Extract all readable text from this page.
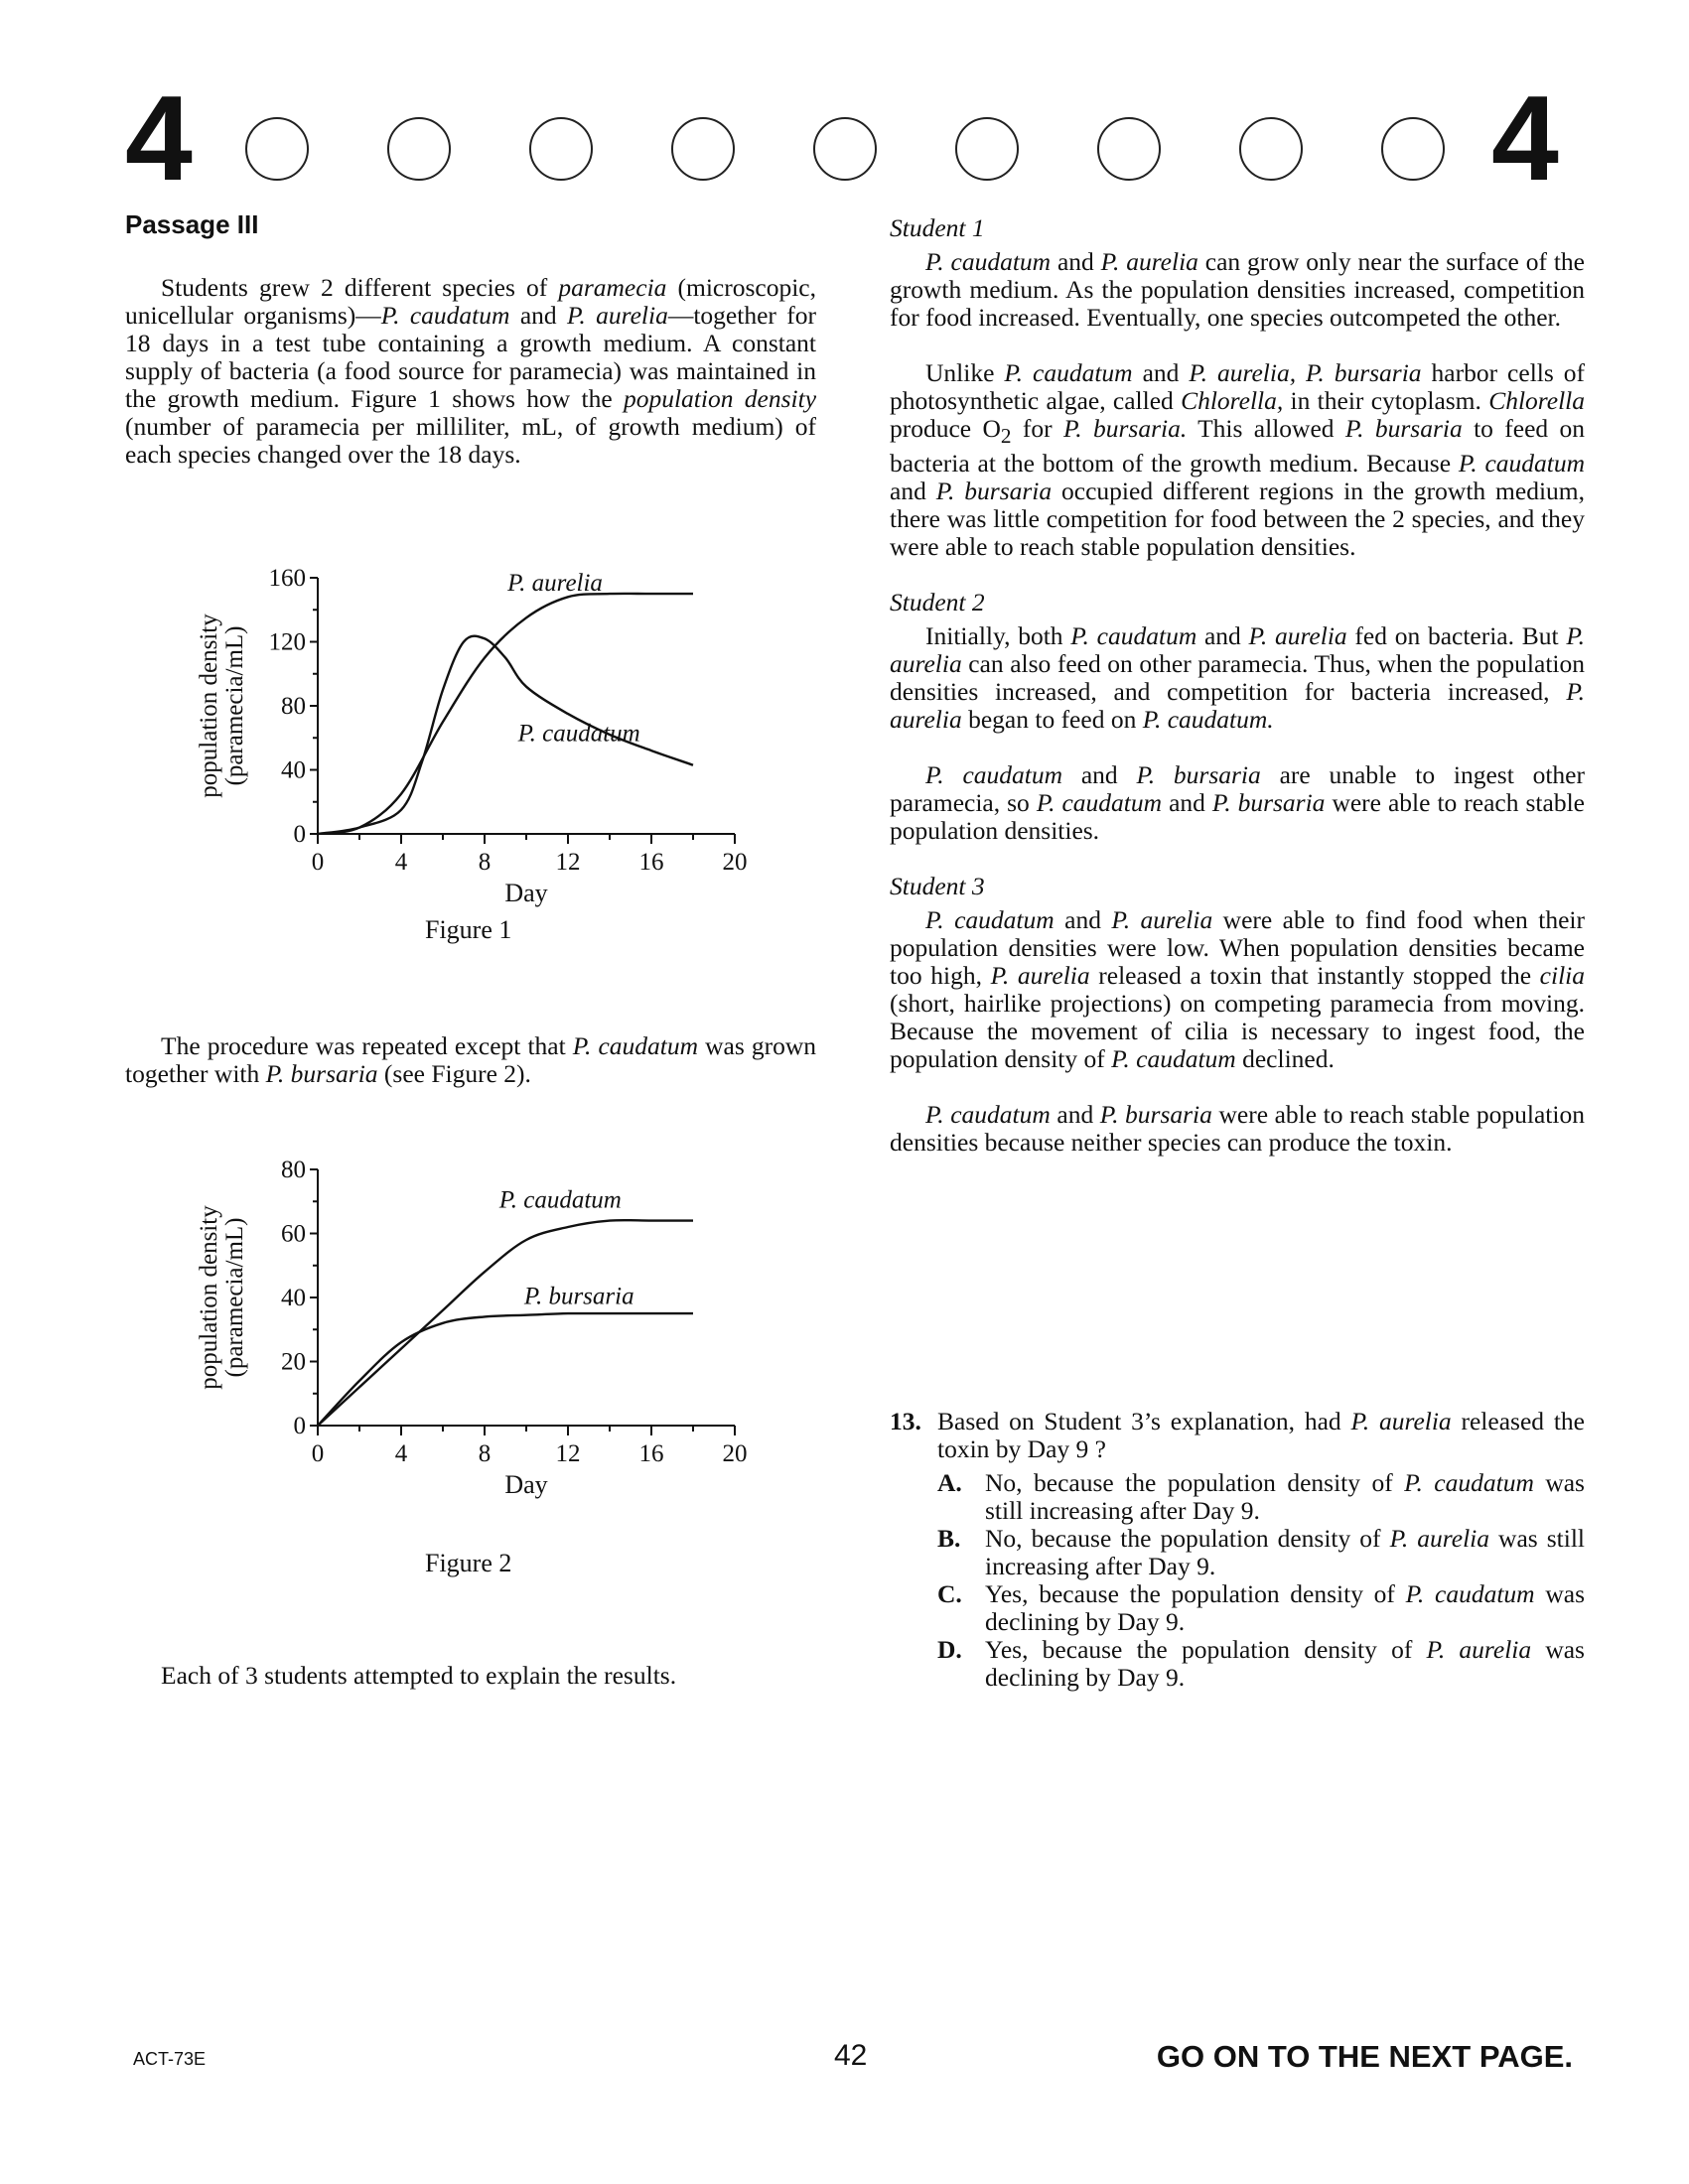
4	4

Passage III

Students grew 2 different species of paramecia (microscopic, unicellular organisms)—P. caudatum and P. aurelia—together for 18 days in a test tube containing a growth medium. A constant supply of bacteria (a food source for paramecia) was maintained in the growth medium. Figure 1 shows how the population density (number of paramecia per milliliter, mL, of growth medium) of each species changed over the 18 days.

0	4	8	12 16 20
0
40
80
120
160
Day
population density (paramecia/mL)
P. aurelia
P. caudatum
Figure 1

The procedure was repeated except that P. caudatum was grown together with P. bursaria (see Figure 2).

0	4	8	12 16 20
0
20
40
60
80
Day
population density (paramecia/mL)
P. caudatum
P. bursaria
Figure 2

Each of 3 students attempted to explain the results.

Student 1

P. caudatum and P. aurelia can grow only near the surface of the growth medium. As the population densities increased, competition for food increased. Eventually, one species outcompeted the other.

Unlike P. caudatum and P. aurelia, P. bursaria harbor cells of photosynthetic algae, called Chlorella, in their cytoplasm. Chlorella produce $O_2$ for P. bursaria. This allowed P. bursaria to feed on bacteria at the bottom of the growth medium. Because P. caudatum and P. bursaria occupied different regions in the growth medium, there was little competition for food between the 2 species, and they were able to reach stable population densities.

Student 2

Initially, both P. caudatum and P. aurelia fed on bacteria. But P. aurelia can also feed on other paramecia. Thus, when the population densities increased, and competition for bacteria increased, P. aurelia began to feed on P. caudatum.

P. caudatum and P. bursaria are unable to ingest other paramecia, so P. caudatum and P. bursaria were able to reach stable population densities.

Student 3

P. caudatum and P. aurelia were able to find food when their population densities were low. When population densities became too high, P. aurelia released a toxin that instantly stopped the cilia (short, hairlike projections) on competing paramecia from moving. Because the movement of cilia is necessary to ingest food, the population density of P. caudatum declined.

P. caudatum and P. bursaria were able to reach stable population densities because neither species can produce the toxin.

13. Based on Student 3’s explanation, had P. aurelia released the toxin by Day 9 ?
A. No, because the population density of P. caudatum was still increasing after Day 9.
B. No, because the population density of P. aurelia was still increasing after Day 9.
C. Yes, because the population density of P. caudatum was declining by Day 9.
D. Yes, because the population density of P. aurelia was declining by Day 9.
ACT-73E	42	GO ON TO THE NEXT PAGE.
